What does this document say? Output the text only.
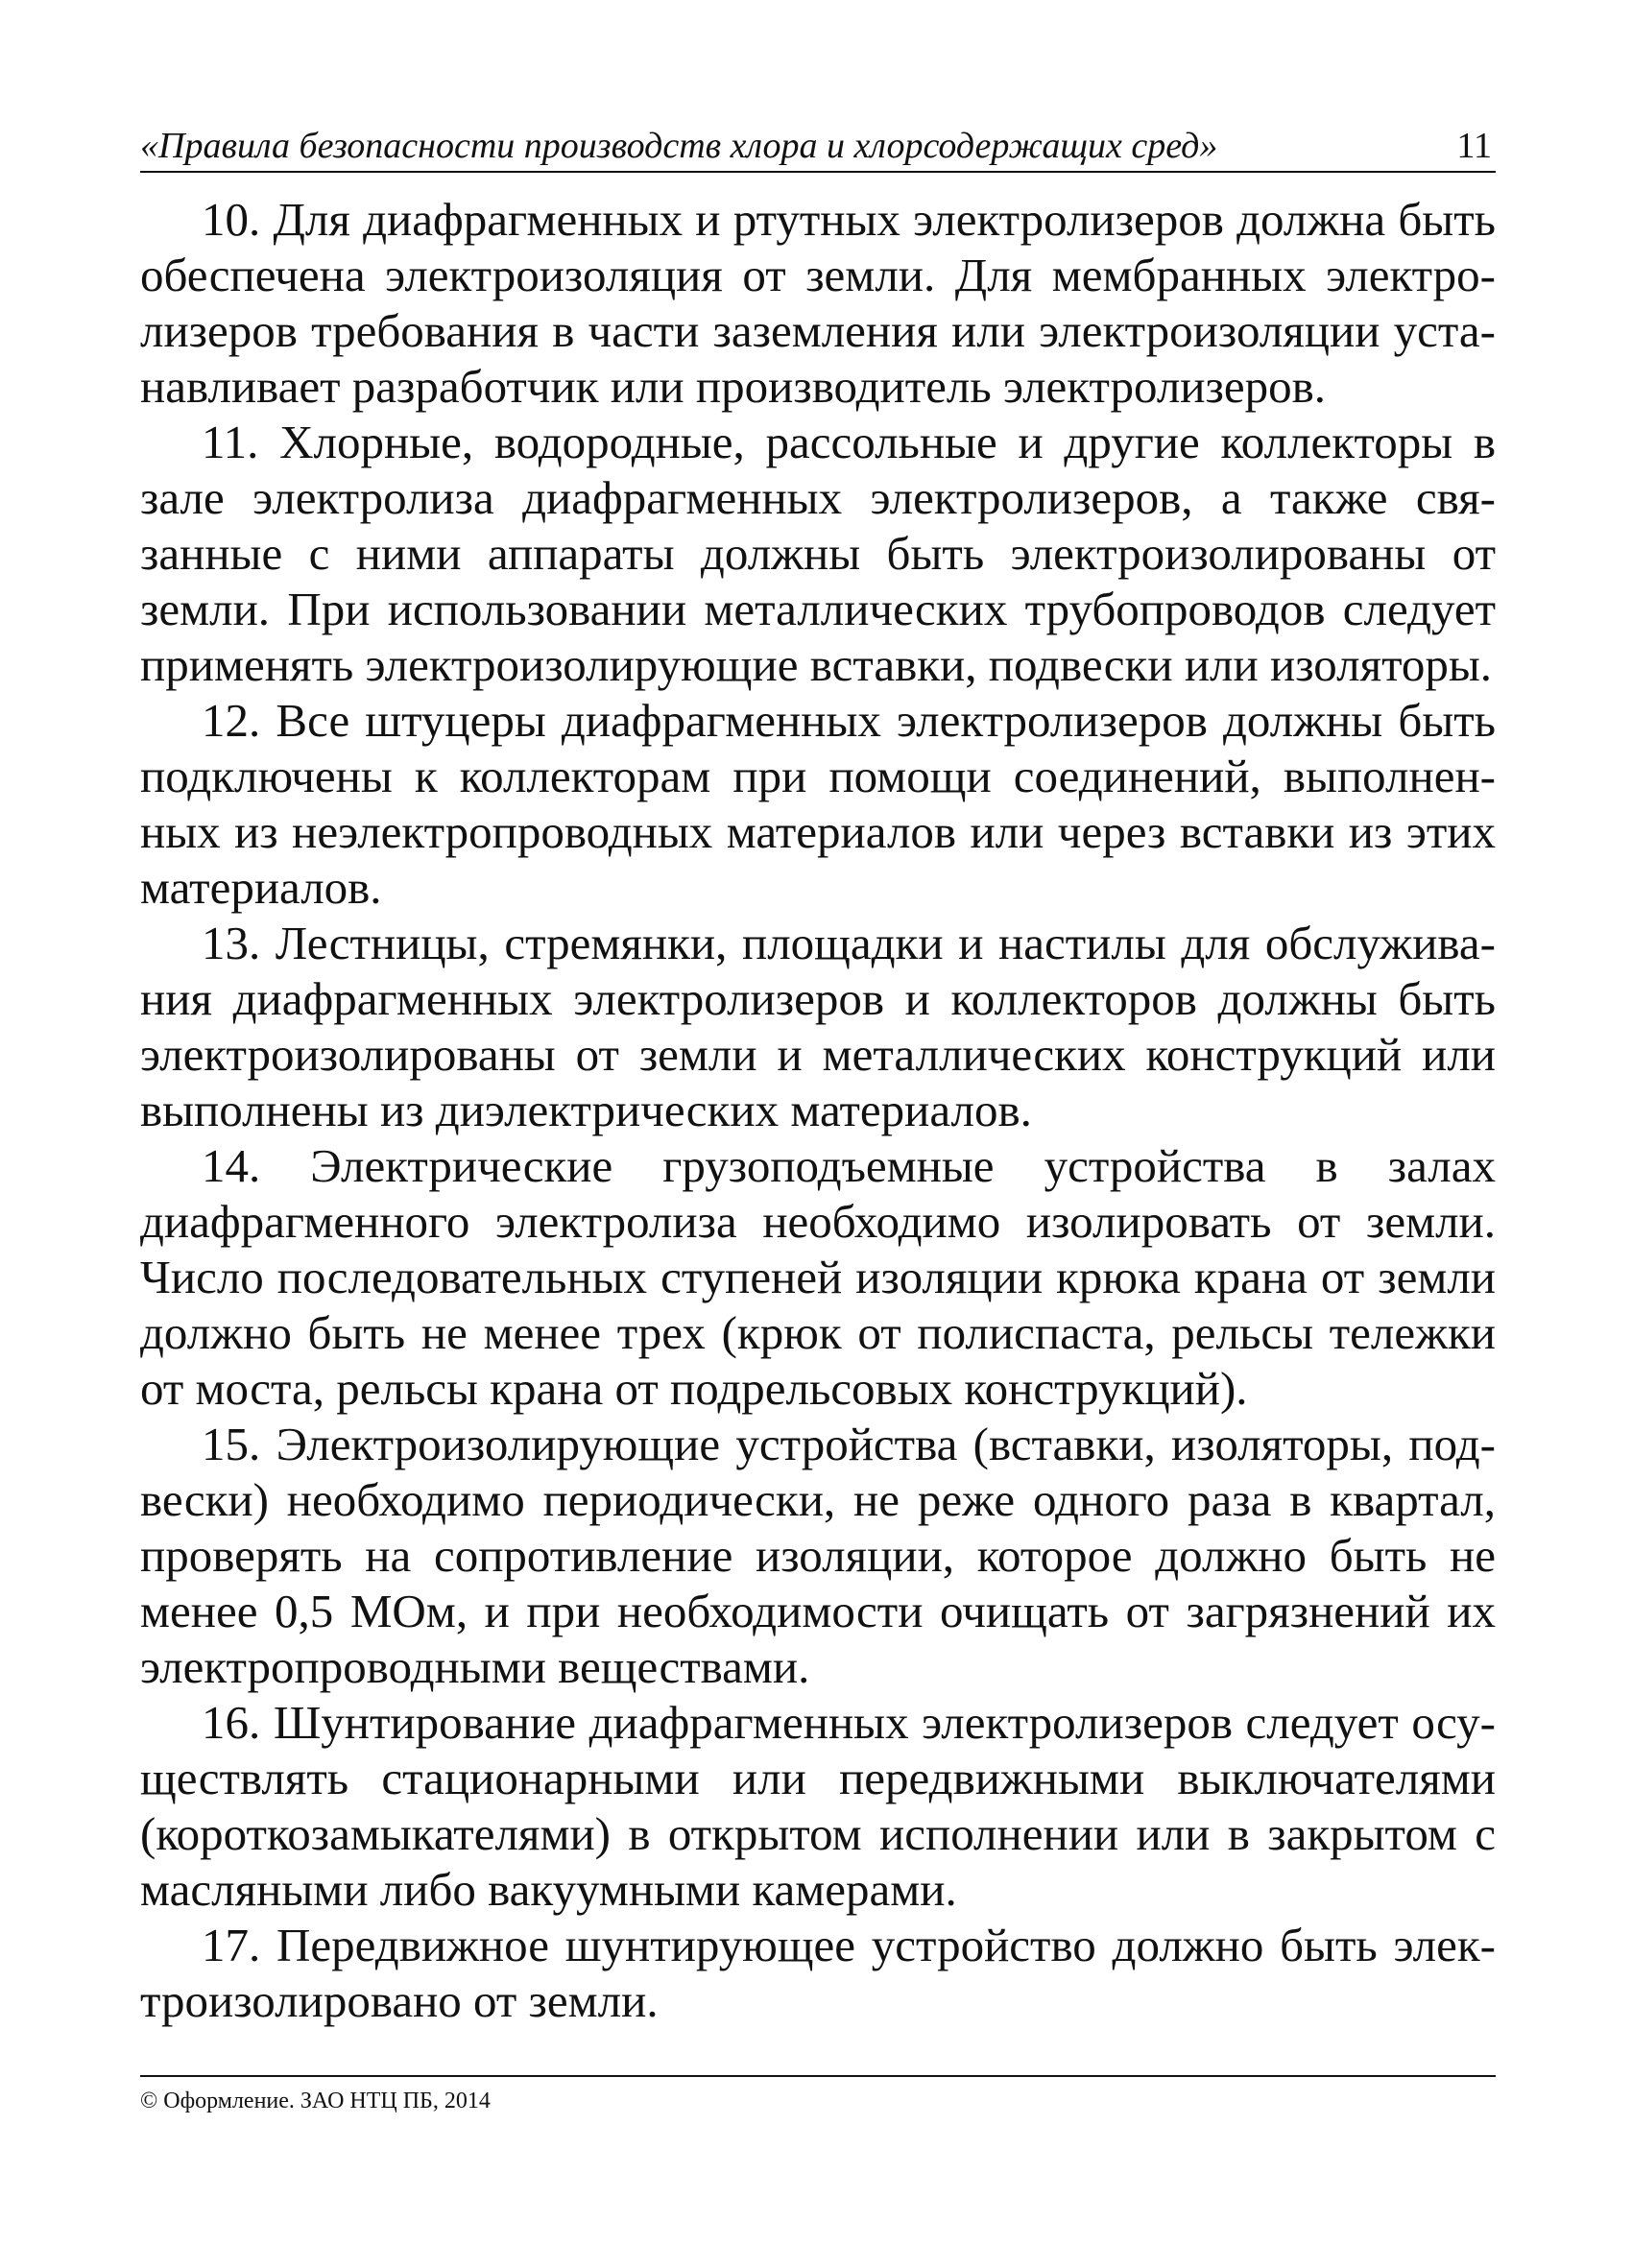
«Правила безопасности производств хлора и хлорсодержащих сред»	11

10. Для диафрагменных и ртутных электролизеров должна быть обеспечена электроизоляция от земли. Для мембранных электролизеров требования в части заземления или электроизоляции устанавливает разработчик или производитель электролизеров.

11. Хлорные, водородные, рассольные и другие коллекторы в зале электролиза диафрагменных электролизеров, а также связанные с ними аппараты должны быть электроизолированы от земли. При использовании металлических трубопроводов следует применять электроизолирующие вставки, подвески или изоляторы.

12. Все штуцеры диафрагменных электролизеров должны быть подключены к коллекторам при помощи соединений, выполненных из неэлектропроводных материалов или через вставки из этих материалов.

13. Лестницы, стремянки, площадки и настилы для обслуживания диафрагменных электролизеров и коллекторов должны быть электроизолированы от земли и металлических конструкций или выполнены из диэлектрических материалов.

14. Электрические грузоподъемные устройства в залах диафрагменного электролиза необходимо изолировать от земли. Число последовательных ступеней изоляции крюка крана от земли должно быть не менее трех (крюк от полиспаста, рельсы тележки от моста, рельсы крана от подрельсовых конструкций).

15. Электроизолирующие устройства (вставки, изоляторы, подвески) необходимо периодически, не реже одного раза в квартал, проверять на сопротивление изоляции, которое должно быть не менее 0,5 МОм, и при необходимости очищать от загрязнений их электропроводными веществами.

16. Шунтирование диафрагменных электролизеров следует осуществлять стационарными или передвижными выключателями (короткозамыкателями) в открытом исполнении или в закрытом с масляными либо вакуумными камерами.

17. Передвижное шунтирующее устройство должно быть электроизолировано от земли.

© Оформление. ЗАО НТЦ ПБ, 2014
